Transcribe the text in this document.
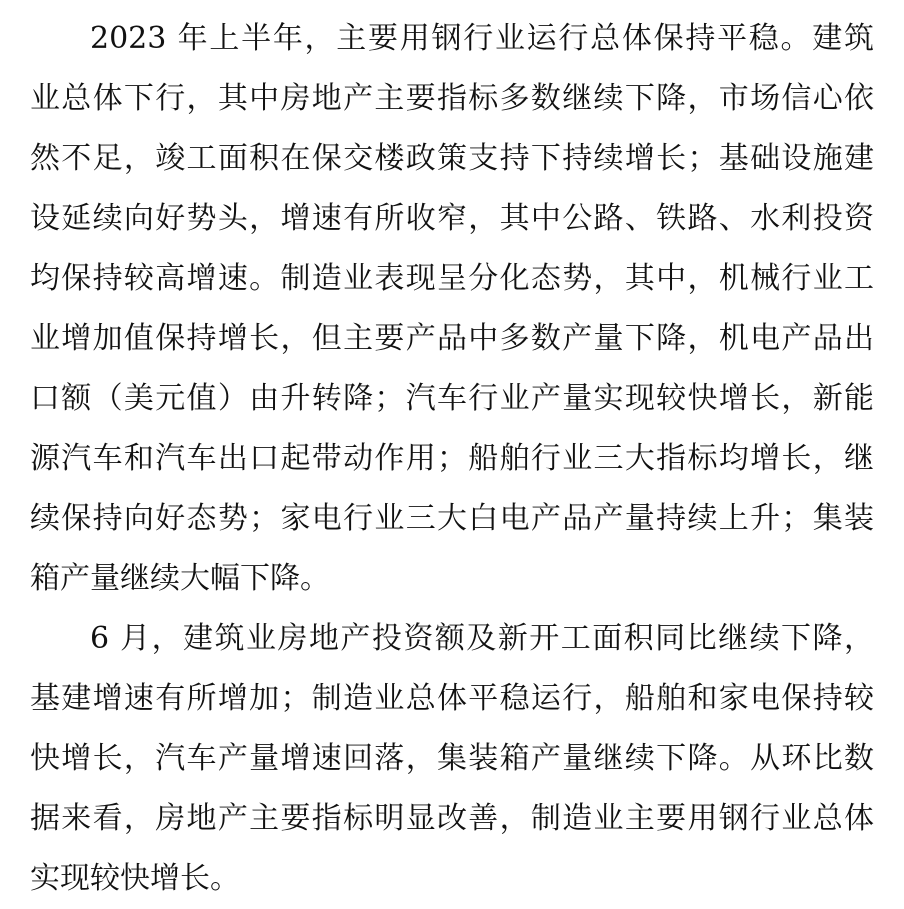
2023 年上半年，主要用钢行业运行总体保持平稳。建筑
业总体下行，其中房地产主要指标多数继续下降，市场信心依
然不足，竣工面积在保交楼政策支持下持续增长；基础设施建
设延续向好势头，增速有所收窄，其中公路、铁路、水利投资
均保持较高增速。制造业表现呈分化态势，其中，机械行业工
业增加值保持增长，但主要产品中多数产量下降，机电产品出
口额（美元值）由升转降；汽车行业产量实现较快增长，新能
源汽车和汽车出口起带动作用；船舶行业三大指标均增长，继
续保持向好态势；家电行业三大白电产品产量持续上升；集装
箱产量继续大幅下降。
6 月，建筑业房地产投资额及新开工面积同比继续下降，
基建增速有所增加；制造业总体平稳运行，船舶和家电保持较
快增长，汽车产量增速回落，集装箱产量继续下降。从环比数
据来看，房地产主要指标明显改善，制造业主要用钢行业总体
实现较快增长。
